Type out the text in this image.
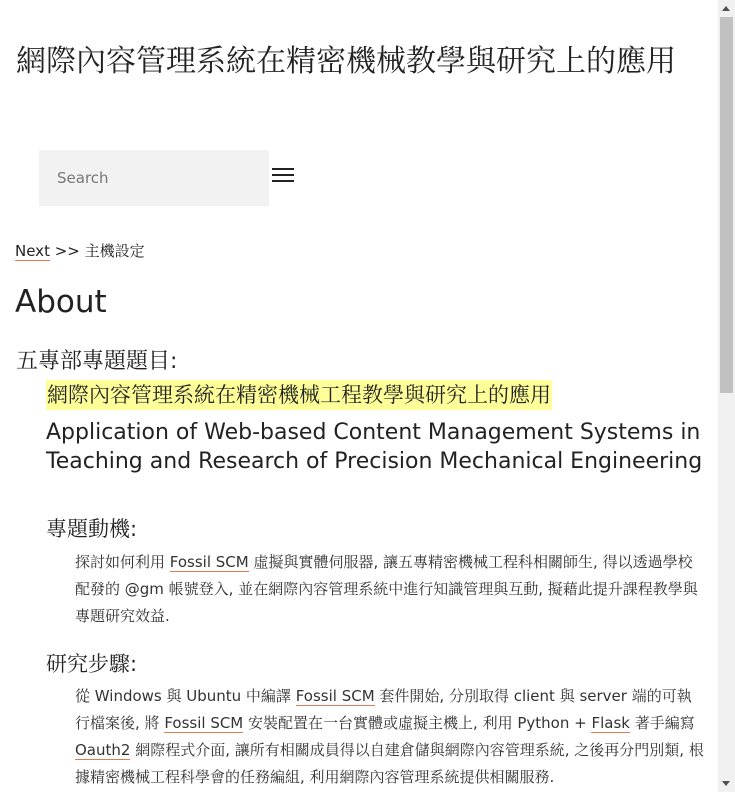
網際內容管理系統在精密機械教學與研究上的應用
Search
Next >> 主機設定
About
五專部專題題目:
網際內容管理系統在精密機械工程教學與研究上的應用
Application of Web-based Content Management Systems in Teaching and Research of Precision Mechanical Engineering
專題動機:

探討如何利用 Fossil SCM 虛擬與實體伺服器, 讓五專精密機械工程科相關師生, 得以透過學校配發的 @gm 帳號登入, 並在網際內容管理系統中進行知識管理與互動, 擬藉此提升課程教學與專題研究效益.

研究步驟:

從 Windows 與 Ubuntu 中編譯 Fossil SCM 套件開始, 分別取得 client 與 server 端的可執行檔案後, 將 Fossil SCM 安裝配置在一台實體或虛擬主機上, 利用 Python + Flask 著手編寫 Oauth2 網際程式介面, 讓所有相關成員得以自建倉儲與網際內容管理系統, 之後再分門別類, 根據精密機械工程科學會的任務編組, 利用網際內容管理系統提供相關服務.
